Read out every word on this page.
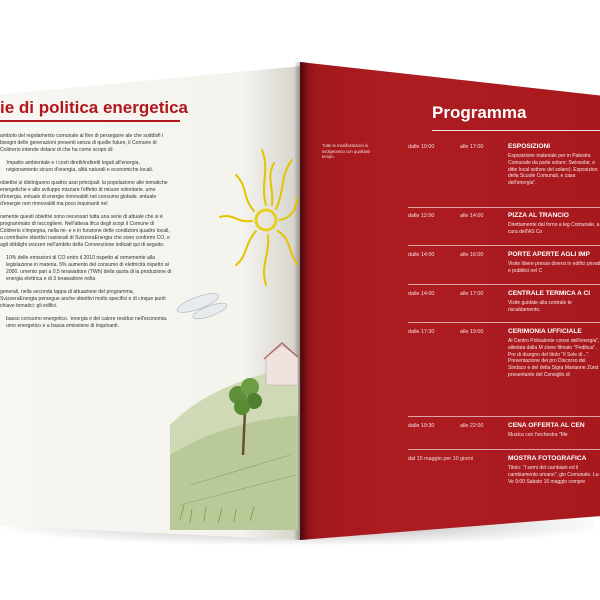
ie di politica energetica

ambolo del regolamento comunale al fine di perseguire ale che soddisfi i bisogni delle generazioni presenti senza di quelle future, il Comune di Coldrerio intende dotarsi di che ha come scopo di:

'impatto ambientale e i costi diretti/indiretti legati all'energia, rvigionamento sicuro d'energia, alità naturali e economiche locali.

obiettivi si distinguono quattro assi principali: la popolazione alle tematiche energetiche e allo sviluppo mizzare l'effetto di misure volontarie. umo d'energia. entuale di energie rinnovabili nel consumo globale. entuale d'energie non rinnovabili ma poco inquinanti nel

ramente questi obiettivi sono necessari tutta una serie di attuale che si è programmato di raccogliere. Nell'attesa ifica degli scopi il Comune di Coldrerio s'impegna, nella mi- e e in funzione delle condizioni quadro locali, a contribuire obiettivi nazionali di SvizzeraEnergia che sono conformi CO, e agli obblighi svizzeri nell'ambito della Convenzione indicati qui di seguito.

10% delle emissioni di CO entro il 2010 rispetto al ormemente alla legislazione in materia. 5% aumento del consumo di elettricità rispetto al 2000. umento pari a 0,5 terawattore (TWh) della quota di la produzione di energia elettrica e di 3 terawattore nella

generali, nella seconda tappa di attuazione del programma, SvizzeraEnergia persegue anche obiettivi molto specifici e di cinque punti chiave tematici: gli edifici.

basso consumo energetico. 'energia e del calore residuo nell'economia. umo energetico e a bassa emissione di inquinanti.

Programma
Tutte le manifestazioni si svolgeranno con qualsiasi tempo.
dalle 10:00	alle 17:00	ESPOSIZIONI
Esposizione materiale per in Palestra Comunale da parte solare; Swissolar, e ditte local settore del solare). Esposizion della Scuole Comunali, e casa dell'energia".
dalle 12:00	alle 14:00	PIZZA AL TRANCIO
Direttamente dal forno a leg Comunale, a cura dell'AS Co
dalle 14:00	alle 16:00	PORTE APERTE AGLI IMP
Visite libere presso diversi in edifici privati e pubblici nel C
dalle 14:00	alle 17:00	CENTRALE TERMICA A CI
Visite guidate alla centrale te riscaldamento.
dalle 17:30	alle 19:00	CERIMONIA UFFICIALE
Al Centro Polivalente conse dell'energia", allietata dalla M zione filmato "Pedibus". Pre di disegno del titolo "Il Sole di...". Presentazione dei pro Discorso del Sindaco e del della Sigra Marianne Zünd presentante del Consiglio di
dalle 19:30	alle 22:00	CENA OFFERTA AL CEN
Musica con l'orchestra "Me
dal 15 maggio per 10 giorni	MOSTRA FOTOGRAFICA
Titolo: "I semi del cambiam ed il cambiamento umano". gio Comunale. Lu-Ve 9:00 Sabato 16 maggio compre
